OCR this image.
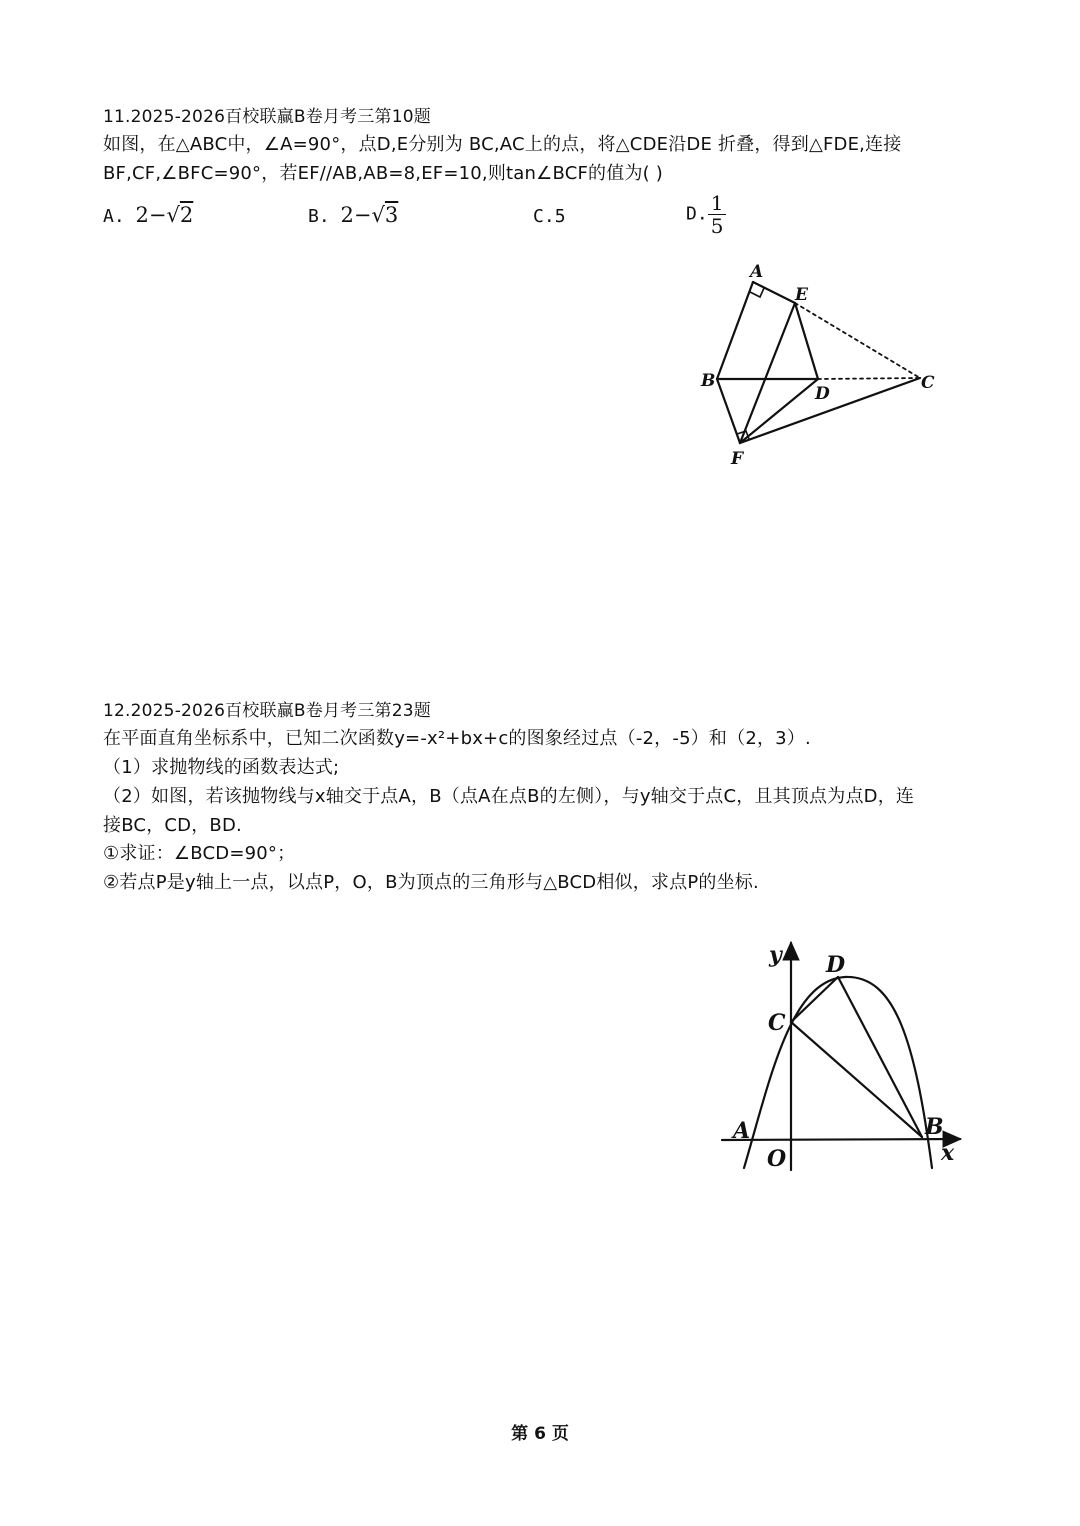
11.2025-2026百校联赢B卷月考三第10题
如图，在△ABC中，∠A=90°，点D,E分别为 BC,AC上的点，将△CDE沿DE 折叠，得到△FDE,连接
BF,CF,∠BFC=90°，若EF//AB,AB=8,EF=10,则tan∠BCF的值为( )
A. 2−√2	B. 2−√3	C.5	D. $\frac{1}{5}$
A
E
B
D
C
F
12.2025-2026百校联赢B卷月考三第23题
在平面直角坐标系中，已知二次函数y=-x²+bx+c的图象经过点（-2，-5）和（2，3）.
（1）求抛物线的函数表达式;
（2）如图，若该抛物线与x轴交于点A，B（点A在点B的左侧），与y轴交于点C，且其顶点为点D，连
接BC，CD，BD.
①求证：∠BCD=90°；
②若点P是y轴上一点，以点P，O，B为顶点的三角形与△BCD相似，求点P的坐标.
y D
C
A
O
B
x
第 6 页
